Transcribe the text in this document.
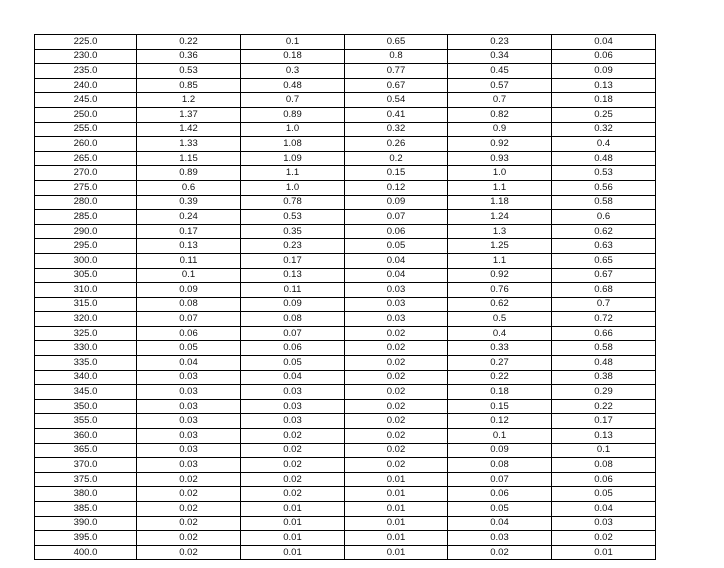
225.0	0.22	0.1	0.65	0.23	0.04
230.0	0.36	0.18	0.8	0.34	0.06
235.0	0.53	0.3	0.77	0.45	0.09
240.0	0.85	0.48	0.67	0.57	0.13
245.0	1.2	0.7	0.54	0.7	0.18
250.0	1.37	0.89	0.41	0.82	0.25
255.0	1.42	1.0	0.32	0.9	0.32
260.0	1.33	1.08	0.26	0.92	0.4
265.0	1.15	1.09	0.2	0.93	0.48
270.0	0.89	1.1	0.15	1.0	0.53
275.0	0.6	1.0	0.12	1.1	0.56
280.0	0.39	0.78	0.09	1.18	0.58
285.0	0.24	0.53	0.07	1.24	0.6
290.0	0.17	0.35	0.06	1.3	0.62
295.0	0.13	0.23	0.05	1.25	0.63
300.0	0.11	0.17	0.04	1.1	0.65
305.0	0.1	0.13	0.04	0.92	0.67
310.0	0.09	0.11	0.03	0.76	0.68
315.0	0.08	0.09	0.03	0.62	0.7
320.0	0.07	0.08	0.03	0.5	0.72
325.0	0.06	0.07	0.02	0.4	0.66
330.0	0.05	0.06	0.02	0.33	0.58
335.0	0.04	0.05	0.02	0.27	0.48
340.0	0.03	0.04	0.02	0.22	0.38
345.0	0.03	0.03	0.02	0.18	0.29
350.0	0.03	0.03	0.02	0.15	0.22
355.0	0.03	0.03	0.02	0.12	0.17
360.0	0.03	0.02	0.02	0.1	0.13
365.0	0.03	0.02	0.02	0.09	0.1
370.0	0.03	0.02	0.02	0.08	0.08
375.0	0.02	0.02	0.01	0.07	0.06
380.0	0.02	0.02	0.01	0.06	0.05
385.0	0.02	0.01	0.01	0.05	0.04
390.0	0.02	0.01	0.01	0.04	0.03
395.0	0.02	0.01	0.01	0.03	0.02
400.0	0.02	0.01	0.01	0.02	0.01
